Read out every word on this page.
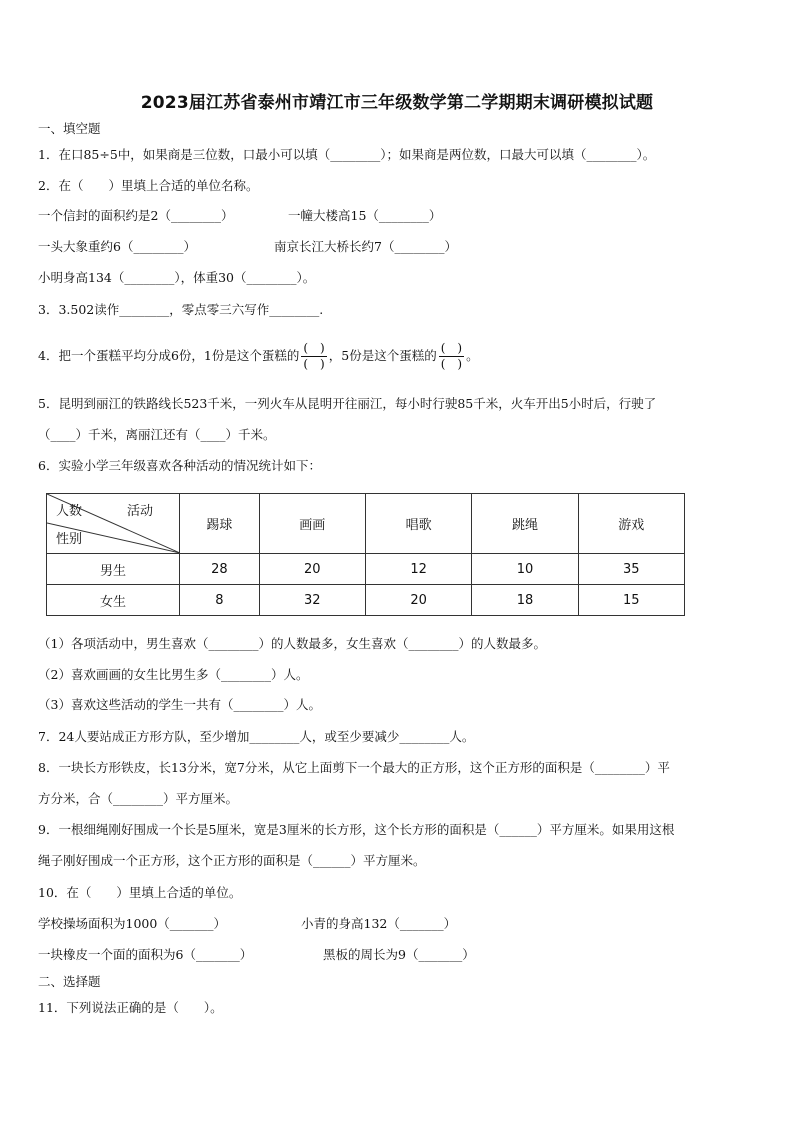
2023届江苏省泰州市靖江市三年级数学第二学期期末调研模拟试题
一、填空题
1．在口85÷5中，如果商是三位数，口最小可以填（________）；如果商是两位数，口最大可以填（________）。
2．在（　　）里填上合适的单位名称。
一个信封的面积约是2（________）	一幢大楼高15（________）
一头大象重约6（________）	南京长江大桥长约7（________）
小明身高134（________），体重30（________）。
3．3.502读作________，零点零三六写作________.
4．把一个蛋糕平均分成6份，1份是这个蛋糕的 $\frac{( )}{( )}$ ，5份是这个蛋糕的 $\frac{( )}{( )}$ 。
5．昆明到丽江的铁路线长523千米，一列火车从昆明开往丽江，每小时行驶85千米，火车开出5小时后，行驶了
（____）千米，离丽江还有（____）千米。
6．实验小学三年级喜欢各种活动的情况统计如下：
人数 活动
性别	踢球	画画	唱歌	跳绳	游戏
男生	28	20	12	10	35
女生	8	32	20	18	15
（1）各项活动中，男生喜欢（________）的人数最多，女生喜欢（________）的人数最多。
（2）喜欢画画的女生比男生多（________）人。
（3）喜欢这些活动的学生一共有（________）人。
7．24人要站成正方形方队，至少增加________人，或至少要减少________人。
8．一块长方形铁皮，长13分米，宽7分米，从它上面剪下一个最大的正方形，这个正方形的面积是（________）平
方分米，合（________）平方厘米。
9．一根细绳刚好围成一个长是5厘米，宽是3厘米的长方形，这个长方形的面积是（______）平方厘米。如果用这根
绳子刚好围成一个正方形，这个正方形的面积是（______）平方厘米。
10．在（　　）里填上合适的单位。
学校操场面积为1000（_______）	小青的身高132（_______）
一块橡皮一个面的面积为6（_______）	黑板的周长为9（_______）
二、选择题
11．下列说法正确的是（　　）。
